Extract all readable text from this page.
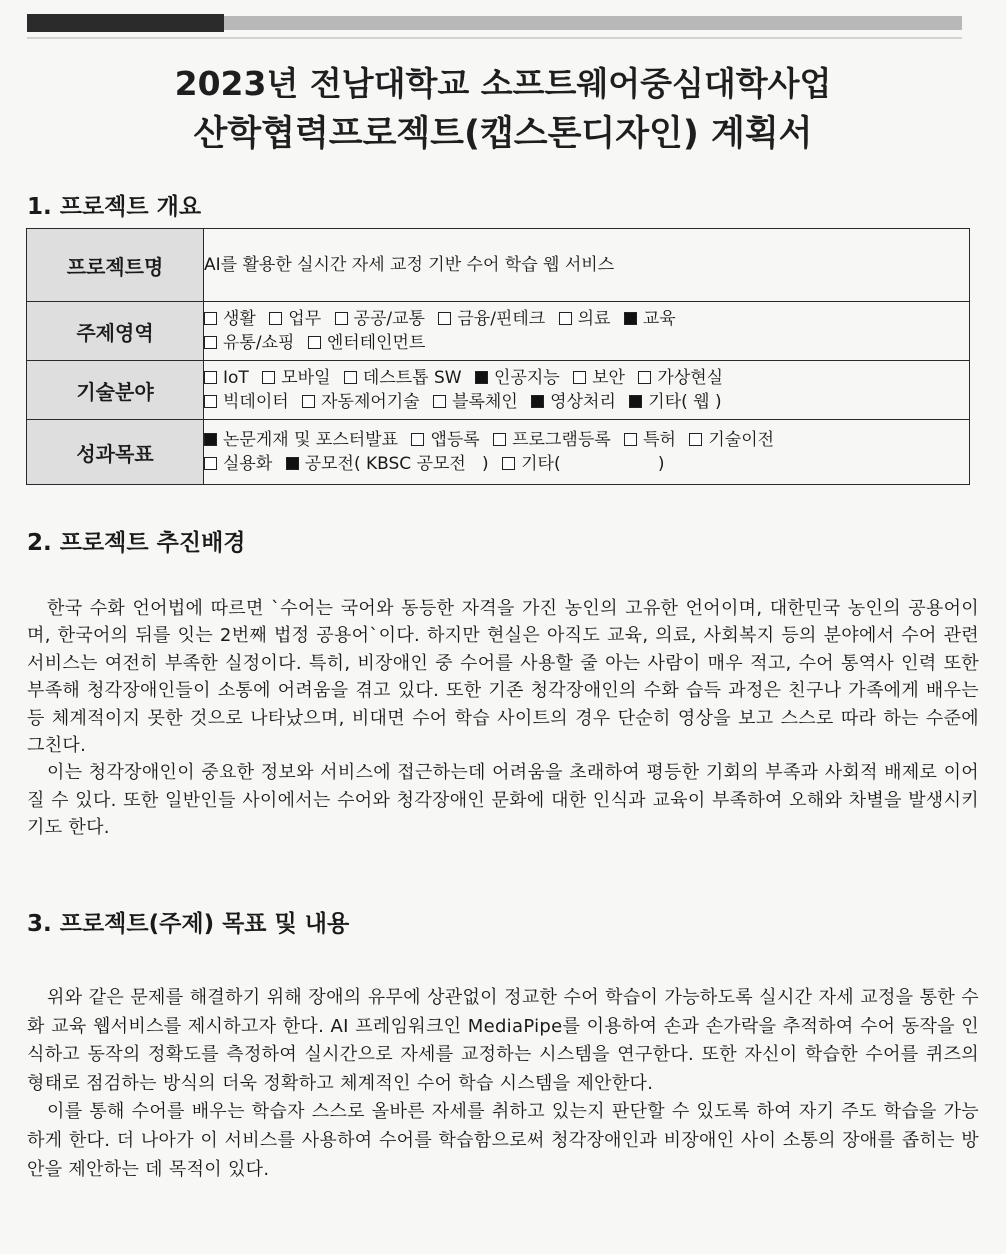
2023년 전남대학교 소프트웨어중심대학사업
산학협력프로젝트(캡스톤디자인) 계획서
1. 프로젝트 개요
프로젝트명	AI를 활용한 실시간 자세 교정 기반 수어 학습 웹 서비스
주제영역	생활 업무 공공/교통 금융/핀테크 의료 교육
유통/쇼핑 엔터테인먼트

기술분야	IoT 모바일 데스트톱 SW 인공지능 보안 가상현실
빅데이터 자동제어기술 블록체인 영상처리 기타( 웹 )

성과목표	논문게재 및 포스터발표 앱등록 프로그램등록 특허 기술이전
실용화 공모전( KBSC 공모전   ) 기타(                  )
2. 프로젝트 추진배경

한국 수화 언어법에 따르면 `수어는 국어와 동등한 자격을 가진 농인의 고유한 언어이며, 대한민국 농인의 공용어이며, 한국어의 뒤를 잇는 2번째 법정 공용어`이다. 하지만 현실은 아직도 교육, 의료, 사회복지 등의 분야에서 수어 관련 서비스는 여전히 부족한 실정이다. 특히, 비장애인 중 수어를 사용할 줄 아는 사람이 매우 적고, 수어 통역사 인력 또한 부족해 청각장애인들이 소통에 어려움을 겪고 있다. 또한 기존 청각장애인의 수화 습득 과정은 친구나 가족에게 배우는 등 체계적이지 못한 것으로 나타났으며, 비대면 수어 학습 사이트의 경우 단순히 영상을 보고 스스로 따라 하는 수준에 그친다.

이는 청각장애인이 중요한 정보와 서비스에 접근하는데 어려움을 초래하여 평등한 기회의 부족과 사회적 배제로 이어질 수 있다. 또한 일반인들 사이에서는 수어와 청각장애인 문화에 대한 인식과 교육이 부족하여 오해와 차별을 발생시키기도 한다.

3. 프로젝트(주제) 목표 및 내용

위와 같은 문제를 해결하기 위해 장애의 유무에 상관없이 정교한 수어 학습이 가능하도록 실시간 자세 교정을 통한 수화 교육 웹서비스를 제시하고자 한다. AI 프레임워크인 MediaPipe를 이용하여 손과 손가락을 추적하여 수어 동작을 인식하고 동작의 정확도를 측정하여 실시간으로 자세를 교정하는 시스템을 연구한다. 또한 자신이 학습한 수어를 퀴즈의 형태로 점검하는 방식의 더욱 정확하고 체계적인 수어 학습 시스템을 제안한다.

이를 통해 수어를 배우는 학습자 스스로 올바른 자세를 취하고 있는지 판단할 수 있도록 하여 자기 주도 학습을 가능하게 한다. 더 나아가 이 서비스를 사용하여 수어를 학습함으로써 청각장애인과 비장애인 사이 소통의 장애를 좁히는 방안을 제안하는 데 목적이 있다.
